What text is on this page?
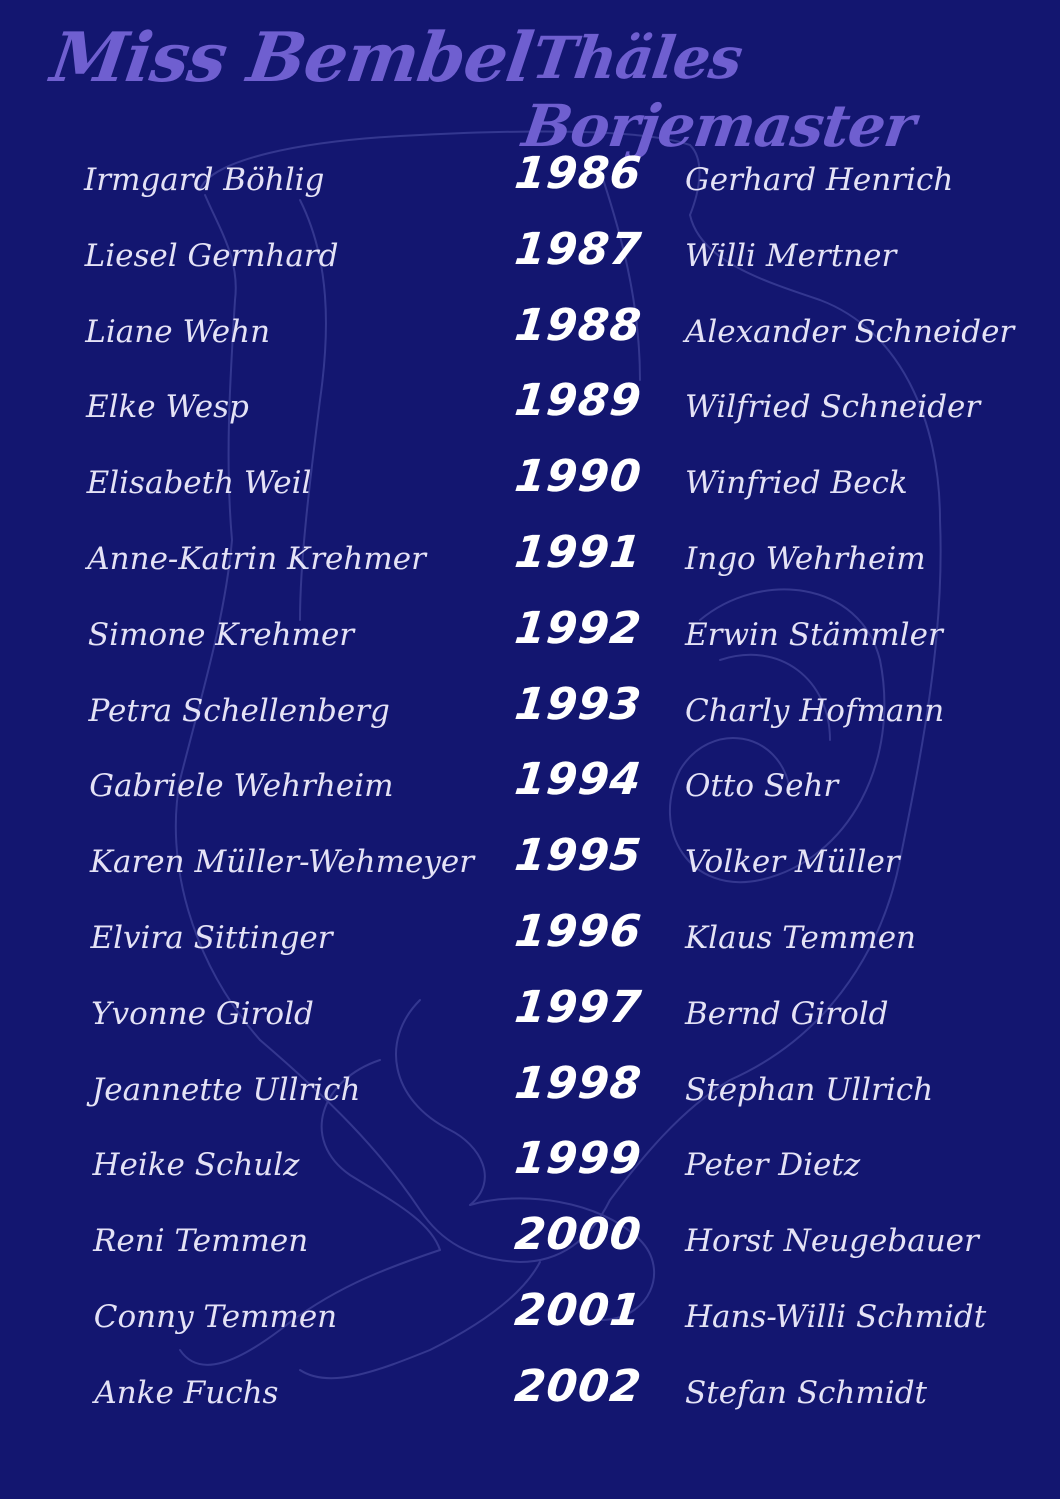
Miss Bembel
Thäles Borjemaster
Irmgard Böhlig	1986 Gerhard Henrich
Liesel Gernhard	1987 Willi Mertner
Liane Wehn	1988 Alexander Schneider
Elke Wesp	1989 Wilfried Schneider
Elisabeth Weil	1990 Winfried Beck
Anne-Katrin Krehmer 1991 Ingo Wehrheim
Simone Krehmer	1992 Erwin Stämmler
Petra Schellenberg	1993 Charly Hofmann
Gabriele Wehrheim	1994 Otto Sehr
Karen Müller-Wehmeyer 1995 Volker Müller
Elvira Sittinger	1996 Klaus Temmen
Yvonne Girold	1997 Bernd Girold
Jeannette Ullrich	1998 Stephan Ullrich
Heike Schulz	1999 Peter Dietz
Reni Temmen	2000 Horst Neugebauer
Conny Temmen	2001 Hans-Willi Schmidt
Anke Fuchs	2002 Stefan Schmidt
